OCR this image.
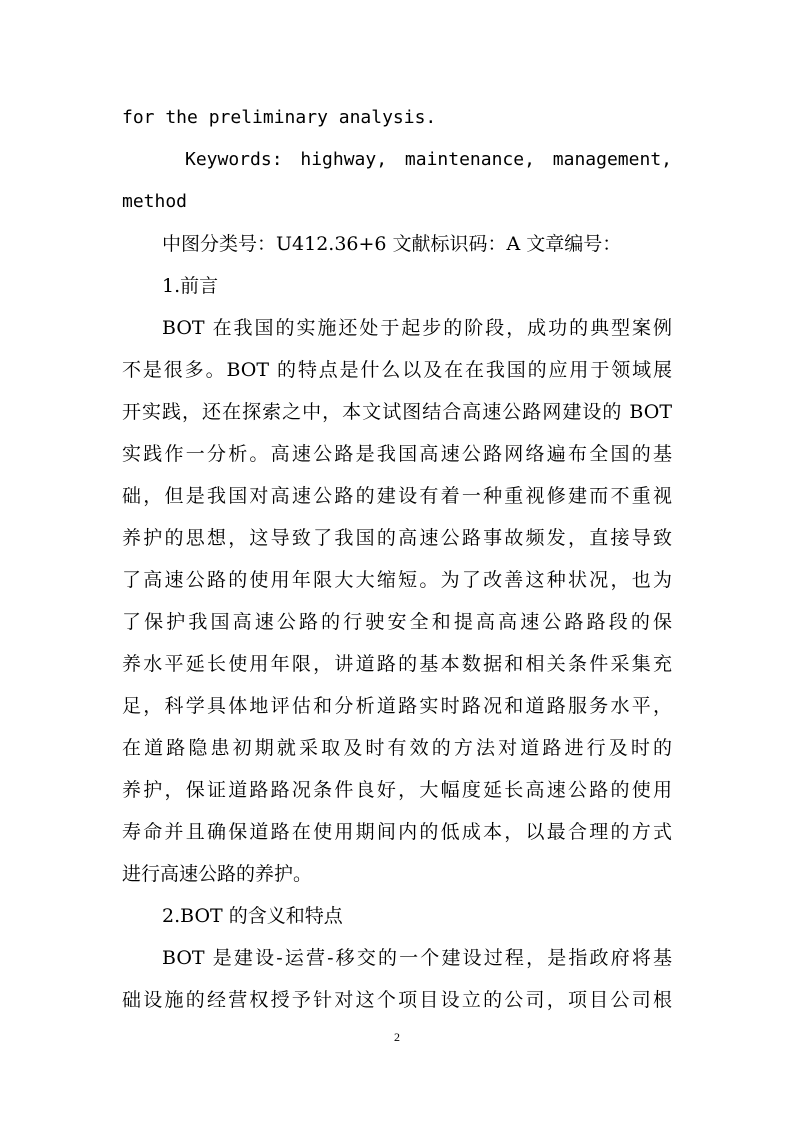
for the preliminary analysis.
Keywords: highway, maintenance, management,
method
中图分类号：U412.36+6 文献标识码：A 文章编号：
1.前言
BOT 在我国的实施还处于起步的阶段，成功的典型案例
不是很多。BOT 的特点是什么以及在在我国的应用于领域展
开实践，还在探索之中，本文试图结合高速公路网建设的 BOT
实践作一分析。高速公路是我国高速公路网络遍布全国的基
础，但是我国对高速公路的建设有着一种重视修建而不重视
养护的思想，这导致了我国的高速公路事故频发，直接导致
了高速公路的使用年限大大缩短。为了改善这种状况，也为
了保护我国高速公路的行驶安全和提高高速公路路段的保
养水平延长使用年限，讲道路的基本数据和相关条件采集充
足，科学具体地评估和分析道路实时路况和道路服务水平，
在道路隐患初期就采取及时有效的方法对道路进行及时的
养护，保证道路路况条件良好，大幅度延长高速公路的使用
寿命并且确保道路在使用期间内的低成本，以最合理的方式
进行高速公路的养护。
2.BOT 的含义和特点
BOT 是建设-运营-移交的一个建设过程，是指政府将基
础设施的经营权授予针对这个项目设立的公司，项目公司根
2
